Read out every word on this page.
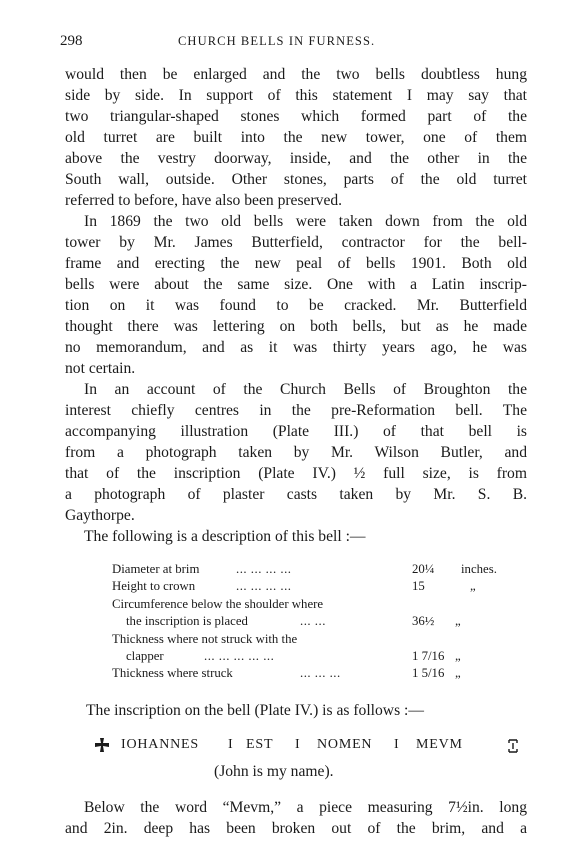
298	CHURCH BELLS IN FURNESS.

would then be enlarged and the two bells doubtless hung
side by side. In support of this statement I may say that
two triangular-shaped stones which formed part of the
old turret are built into the new tower, one of them
above the vestry doorway, inside, and the other in the
South wall, outside. Other stones, parts of the old turret
referred to before, have also been preserved.

In 1869 the two old bells were taken down from the old
tower by Mr. James Butterfield, contractor for the bell-
frame and erecting the new peal of bells 1901. Both old
bells were about the same size. One with a Latin inscrip-
tion on it was found to be cracked. Mr. Butterfield
thought there was lettering on both bells, but as he made
no memorandum, and as it was thirty years ago, he was
not certain.

In an account of the Church Bells of Broughton the
interest chiefly centres in the pre-Reformation bell. The
accompanying illustration (Plate III.) of that bell is
from a photograph taken by Mr. Wilson Butler, and
that of the inscription (Plate IV.) ½ full size, is from
a photograph of plaster casts taken by Mr. S. B.
Gaythorpe.

The following is a description of this bell :—

Diameter at brim	... ... ... ...	20¼ inches.
Height to crown	... ... ... ...	15	„
Circumference below the shoulder where
the inscription is placed	... ...	36½ „
Thickness where not struck with the
clapper	... ... ... ... ...	1 7/16 „
Thickness where struck	... ... ...	1 5/16 „
The inscription on the bell (Plate IV.) is as follows :—
IOHANNES I EST I NOMEN I MEVM
(John is my name).
Below the word “Mevm,” a piece measuring 7½in. long
and 2in. deep has been broken out of the brim, and a
